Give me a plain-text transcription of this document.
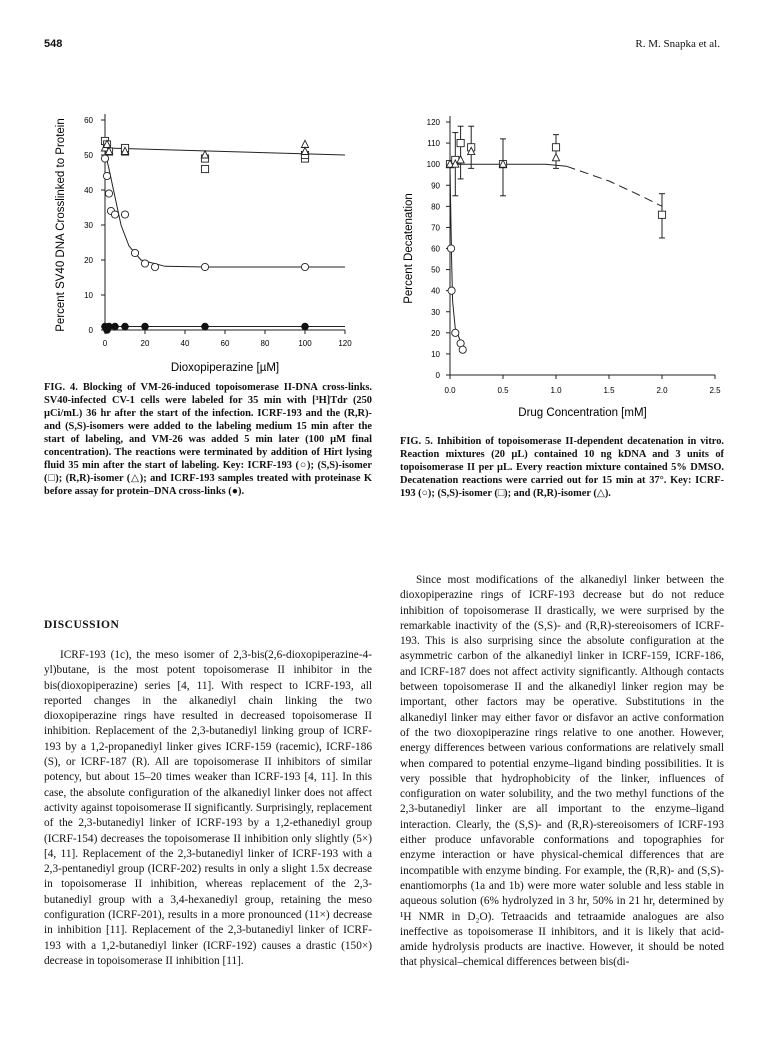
548	R. M. Snapka et al.
0	20	40	60	80	100	120
0
10
20
30
40
50
60
Dioxopiperazine [µM]
Percent SV40 DNA Crosslinked to Protein
FIG. 4. Blocking of VM-26-induced topoisomerase II-DNA cross-links. SV40-infected CV-1 cells were labeled for 35 min with [³H]Tdr (250 µCi/mL) 36 hr after the start of the infection. ICRF-193 and the (R,R)- and (S,S)-isomers were added to the labeling medium 15 min after the start of labeling, and VM-26 was added 5 min later (100 µM final concentration). The reactions were terminated by addition of Hirt lysing fluid 35 min after the start of labeling. Key: ICRF-193 (○); (S,S)-isomer (□); (R,R)-isomer (△); and ICRF-193 samples treated with proteinase K before assay for protein–DNA cross-links (●).
0.0	0.5	1.0	1.5	2.0	2.5
0
10
20
30
40
50
60
70
80
90
100
110
120
Drug Concentration [mM]
Percent Decatenation
FIG. 5. Inhibition of topoisomerase II-dependent decatenation in vitro. Reaction mixtures (20 µL) contained 10 ng kDNA and 3 units of topoisomerase II per µL. Every reaction mixture contained 5% DMSO. Decatenation reactions were carried out for 15 min at 37°. Key: ICRF-193 (○); (S,S)-isomer (□); and (R,R)-isomer (△).
DISCUSSION

ICRF-193 (1c), the meso isomer of 2,3-bis(2,6-dioxopiperazine-4-yl)butane, is the most potent topoisomerase II inhibitor in the bis(dioxopiperazine) series [4, 11]. With respect to ICRF-193, all reported changes in the alkanediyl chain linking the two dioxopiperazine rings have resulted in decreased topoisomerase II inhibition. Replacement of the 2,3-butanediyl linking group of ICRF-193 by a 1,2-propanediyl linker gives ICRF-159 (racemic), ICRF-186 (S), or ICRF-187 (R). All are topoisomerase II inhibitors of similar potency, but about 15–20 times weaker than ICRF-193 [4, 11]. In this case, the absolute configuration of the alkanediyl linker does not affect activity against topoisomerase II significantly. Surprisingly, replacement of the 2,3-butanediyl linker of ICRF-193 by a 1,2-ethanediyl group (ICRF-154) decreases the topoisomerase II inhibition only slightly (5×) [4, 11]. Replacement of the 2,3-butanediyl linker of ICRF-193 with a 2,3-pentanediyl group (ICRF-202) results in only a slight 1.5x decrease in topoisomerase II inhibition, whereas replacement of the 2,3-butanediyl group with a 3,4-hexanediyl group, retaining the meso configuration (ICRF-201), results in a more pronounced (11×) decrease in inhibition [11]. Replacement of the 2,3-butanediyl linker of ICRF-193 with a 1,2-butanediyl linker (ICRF-192) causes a drastic (150×) decrease in topoisomerase II inhibition [11].

Since most modifications of the alkanediyl linker between the dioxopiperazine rings of ICRF-193 decrease but do not reduce inhibition of topoisomerase II drastically, we were surprised by the remarkable inactivity of the (S,S)- and (R,R)-stereoisomers of ICRF-193. This is also surprising since the absolute configuration at the asymmetric carbon of the alkanediyl linker in ICRF-159, ICRF-186, and ICRF-187 does not affect activity significantly. Although contacts between topoisomerase II and the alkanediyl linker region may be important, other factors may be operative. Substitutions in the alkanediyl linker may either favor or disfavor an active conformation of the two dioxopiperazine rings relative to one another. However, energy differences between various conformations are relatively small when compared to potential enzyme–ligand binding possibilities. It is very possible that hydrophobicity of the linker, influences of configuration on water solubility, and the two methyl functions of the 2,3-butanediyl linker are all important to the enzyme–ligand interaction. Clearly, the (S,S)- and (R,R)-stereoisomers of ICRF-193 either produce unfavorable conformations and topographies for enzyme interaction or have physical-chemical differences that are incompatible with enzyme binding. For example, the (R,R)- and (S,S)-enantiomorphs (1a and 1b) were more water soluble and less stable in aqueous solution (6% hydrolyzed in 3 hr, 50% in 21 hr, determined by ¹H NMR in D₂O). Tetraacids and tetraamide analogues are also ineffective as topoisomerase II inhibitors, and it is likely that acid-amide hydrolysis products are inactive. However, it should be noted that physical–chemical differences between bis(di-
